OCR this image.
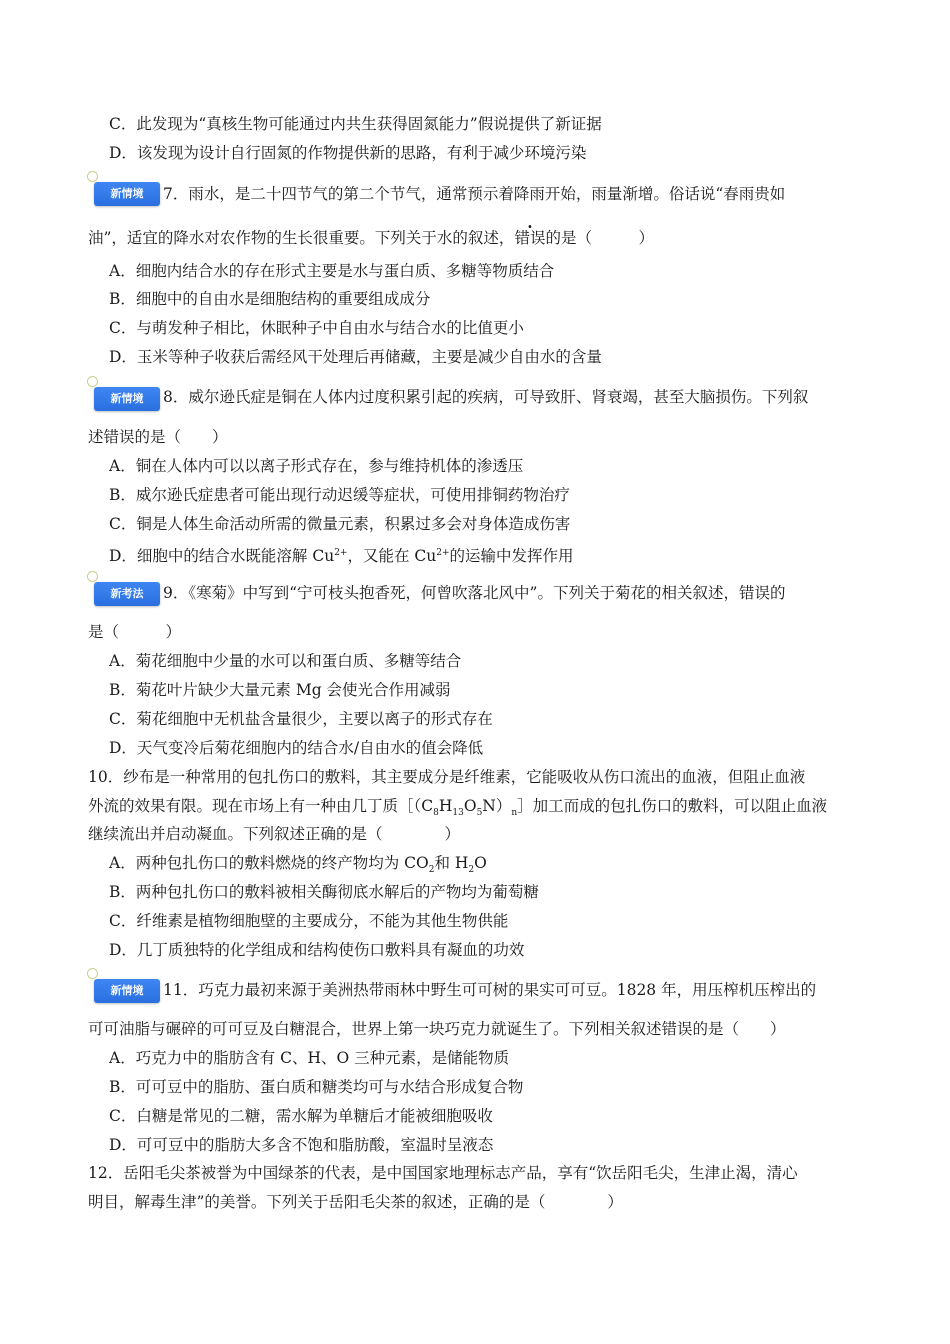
C．此发现为“真核生物可能通过内共生获得固氮能力”假说提供了新证据
D．该发现为设计自行固氮的作物提供新的思路，有利于减少环境污染
新情境	7．雨水，是二十四节气的第二个节气，通常预示着降雨开始，雨量渐增。俗话说“春雨贵如
油”，适宜的降水对农作物的生长很重要。下列关于水的叙述，错误的是（　　　）
A．细胞内结合水的存在形式主要是水与蛋白质、多糖等物质结合
B．细胞中的自由水是细胞结构的重要组成成分
C．与萌发种子相比，休眠种子中自由水与结合水的比值更小
D．玉米等种子收获后需经风干处理后再储藏，主要是减少自由水的含量
新情境	8．威尔逊氏症是铜在人体内过度积累引起的疾病，可导致肝、肾衰竭，甚至大脑损伤。下列叙
述错误的是（　　）
A．铜在人体内可以以离子形式存在，参与维持机体的渗透压
B．威尔逊氏症患者可能出现行动迟缓等症状，可使用排铜药物治疗
C．铜是人体生命活动所需的微量元素，积累过多会对身体造成伤害
D．细胞中的结合水既能溶解 $Cu^{2+}$，又能在 $Cu^{2+}$的运输中发挥作用
新考法	9．《寒菊》中写到“宁可枝头抱香死，何曾吹落北风中”。下列关于菊花的相关叙述，错误的
是（　　　）
A．菊花细胞中少量的水可以和蛋白质、多糖等结合
B．菊花叶片缺少大量元素 Mg 会使光合作用减弱
C．菊花细胞中无机盐含量很少，主要以离子的形式存在
D．天气变冷后菊花细胞内的结合水/自由水的值会降低
10．纱布是一种常用的包扎伤口的敷料，其主要成分是纤维素，它能吸收从伤口流出的血液，但阻止血液
外流的效果有限。现在市场上有一种由几丁质$[(C_8H_{13}O_5N)_n]$加工而成的包扎伤口的敷料，可以阻止血液
继续流出并启动凝血。下列叙述正确的是（　　　　）
A．两种包扎伤口的敷料燃烧的终产物均为 $CO_2$和 $H_2O$
B．两种包扎伤口的敷料被相关酶彻底水解后的产物均为葡萄糖
C．纤维素是植物细胞壁的主要成分，不能为其他生物供能
D．几丁质独特的化学组成和结构使伤口敷料具有凝血的功效
新情境	11．巧克力最初来源于美洲热带雨林中野生可可树的果实可可豆。1828 年，用压榨机压榨出的
可可油脂与碾碎的可可豆及白糖混合，世界上第一块巧克力就诞生了。下列相关叙述错误的是（　　）
A．巧克力中的脂肪含有 C、H、O 三种元素，是储能物质
B．可可豆中的脂肪、蛋白质和糖类均可与水结合形成复合物
C．白糖是常见的二糖，需水解为单糖后才能被细胞吸收
D．可可豆中的脂肪大多含不饱和脂肪酸，室温时呈液态
12．岳阳毛尖茶被誉为中国绿茶的代表，是中国国家地理标志产品，享有“饮岳阳毛尖，生津止渴，清心
明目，解毒生津”的美誉。下列关于岳阳毛尖茶的叙述，正确的是（　　　　）
